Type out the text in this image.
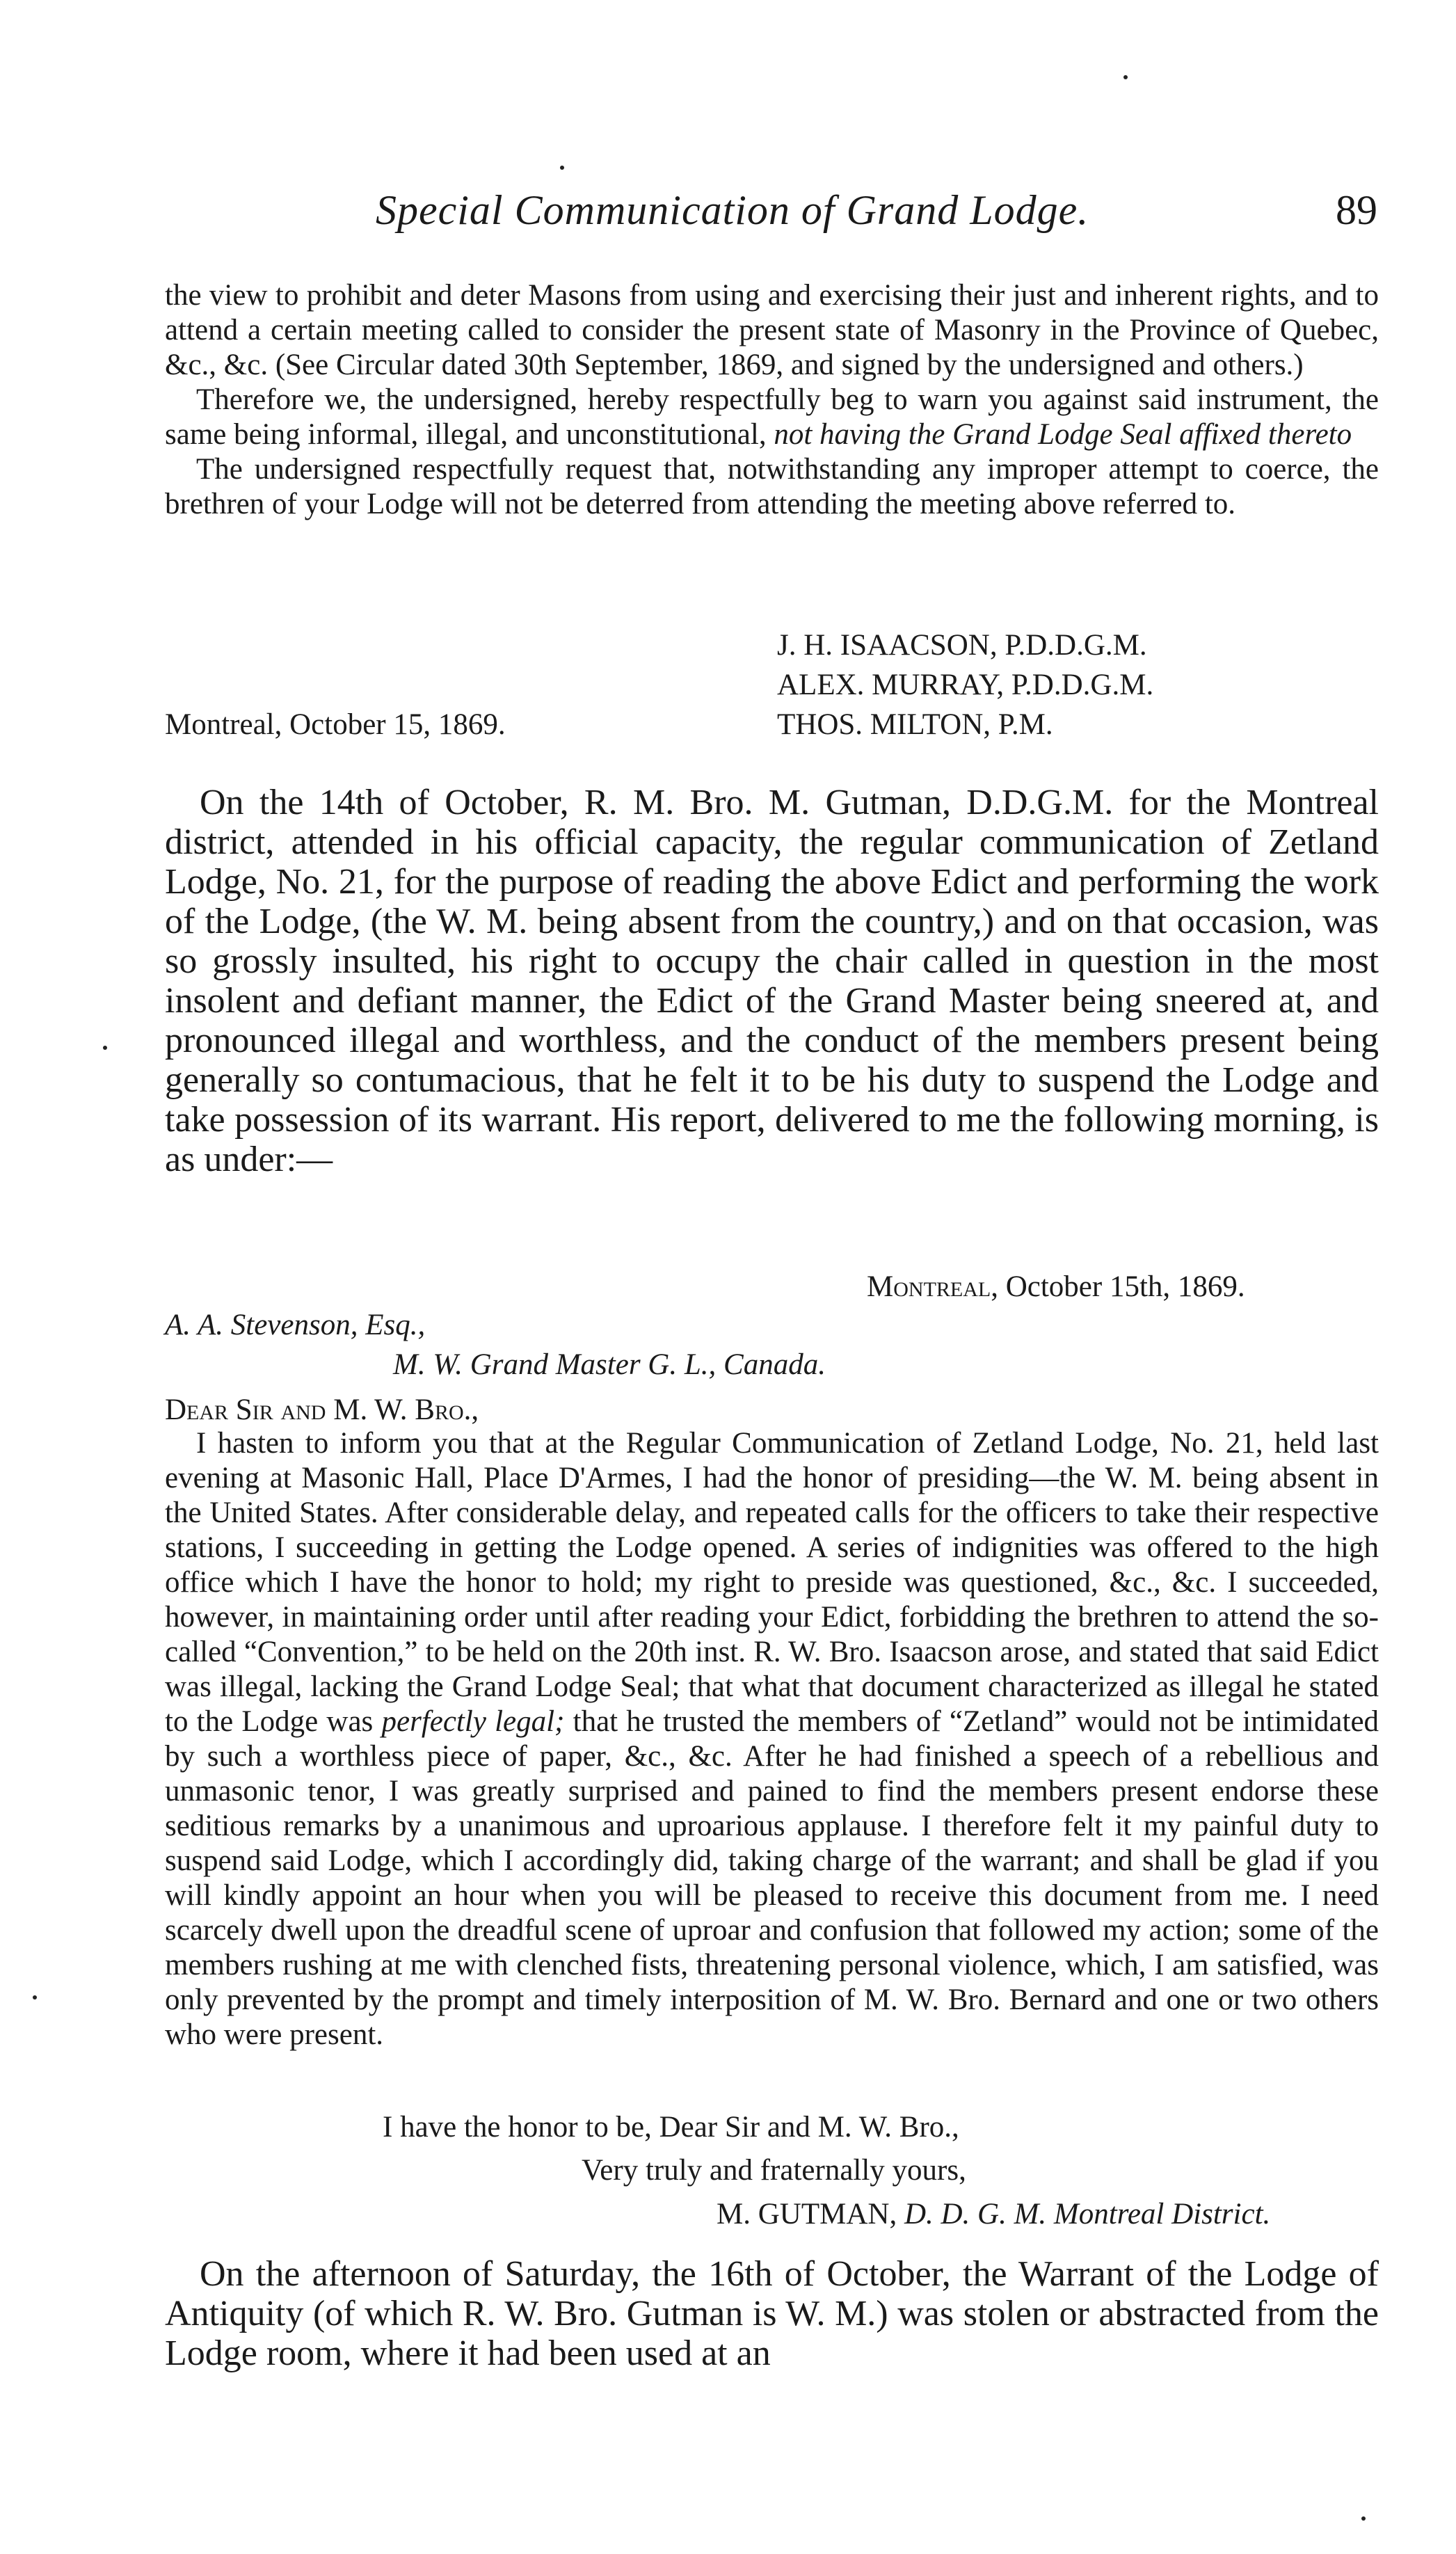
Special Communication of Grand Lodge.	89

the view to prohibit and deter Masons from using and exercising their just and inherent rights, and to attend a certain meeting called to consider the present state of Masonry in the Province of Quebec, &c., &c. (See Circular dated 30th September, 1869, and signed by the undersigned and others.)

Therefore we, the undersigned, hereby respectfully beg to warn you against said instrument, the same being informal, illegal, and unconstitutional, not having the Grand Lodge Seal affixed thereto

The undersigned respectfully request that, notwithstanding any improper attempt to coerce, the brethren of your Lodge will not be deterred from attending the meeting above referred to.

J. H. ISAACSON, P.D.D.G.M.
ALEX. MURRAY, P.D.D.G.M.
Montreal, October 15, 1869.	THOS. MILTON, P.M.

On the 14th of October, R. M. Bro. M. Gutman, D.D.G.M. for the Montreal district, attended in his official capacity, the regular communication of Zetland Lodge, No. 21, for the purpose of reading the above Edict and performing the work of the Lodge, (the W. M. being absent from the country,) and on that occasion, was so grossly insulted, his right to occupy the chair called in question in the most insolent and defiant manner, the Edict of the Grand Master being sneered at, and pronounced illegal and worthless, and the conduct of the members present being generally so contumacious, that he felt it to be his duty to suspend the Lodge and take possession of its warrant. His report, delivered to me the following morning, is as under:—

Montreal, October 15th, 1869.
A. A. Stevenson, Esq.,
M. W. Grand Master G. L., Canada.
Dear Sir and M. W. Bro.,

I hasten to inform you that at the Regular Communication of Zetland Lodge, No. 21, held last evening at Masonic Hall, Place D'Armes, I had the honor of presiding—the W. M. being absent in the United States. After considerable delay, and repeated calls for the officers to take their respective stations, I succeeding in getting the Lodge opened. A series of indignities was offered to the high office which I have the honor to hold; my right to preside was questioned, &c., &c. I succeeded, however, in maintaining order until after reading your Edict, forbidding the brethren to attend the so-called “Convention,” to be held on the 20th inst. R. W. Bro. Isaacson arose, and stated that said Edict was illegal, lacking the Grand Lodge Seal; that what that document characterized as illegal he stated to the Lodge was perfectly legal; that he trusted the members of “Zetland” would not be intimidated by such a worthless piece of paper, &c., &c. After he had finished a speech of a rebellious and unmasonic tenor, I was greatly surprised and pained to find the members present endorse these seditious remarks by a unanimous and uproarious applause. I therefore felt it my painful duty to suspend said Lodge, which I accordingly did, taking charge of the warrant; and shall be glad if you will kindly appoint an hour when you will be pleased to receive this document from me. I need scarcely dwell upon the dreadful scene of uproar and confusion that followed my action; some of the members rushing at me with clenched fists, threatening personal violence, which, I am satisfied, was only prevented by the prompt and timely interposition of M. W. Bro. Bernard and one or two others who were present.

I have the honor to be, Dear Sir and M. W. Bro.,
Very truly and fraternally yours,
M. GUTMAN, D. D. G. M. Montreal District.

On the afternoon of Saturday, the 16th of October, the Warrant of the Lodge of Antiquity (of which R. W. Bro. Gutman is W. M.) was stolen or abstracted from the Lodge room, where it had been used at an
